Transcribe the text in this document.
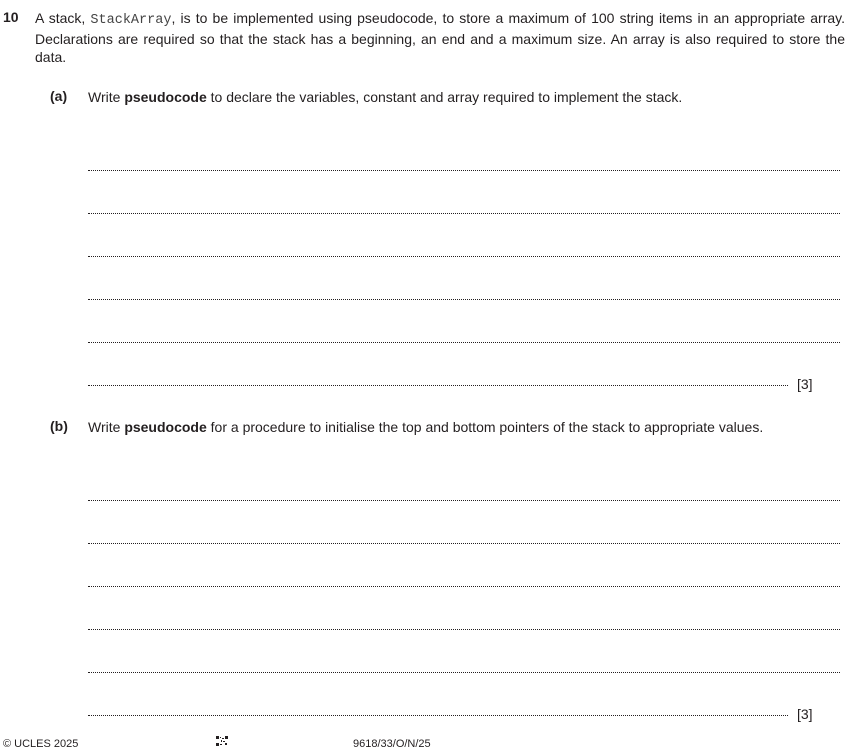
10 A stack, StackArray, is to be implemented using pseudocode, to store a maximum of 100 string items in an appropriate array. Declarations are required so that the stack has a beginning, an end and a maximum size. An array is also required to store the data.
(a) Write pseudocode to declare the variables, constant and array required to implement the stack.
[3]
(b) Write pseudocode for a procedure to initialise the top and bottom pointers of the stack to appropriate values.
[3]
© UCLES 2025	9618/33/O/N/25
